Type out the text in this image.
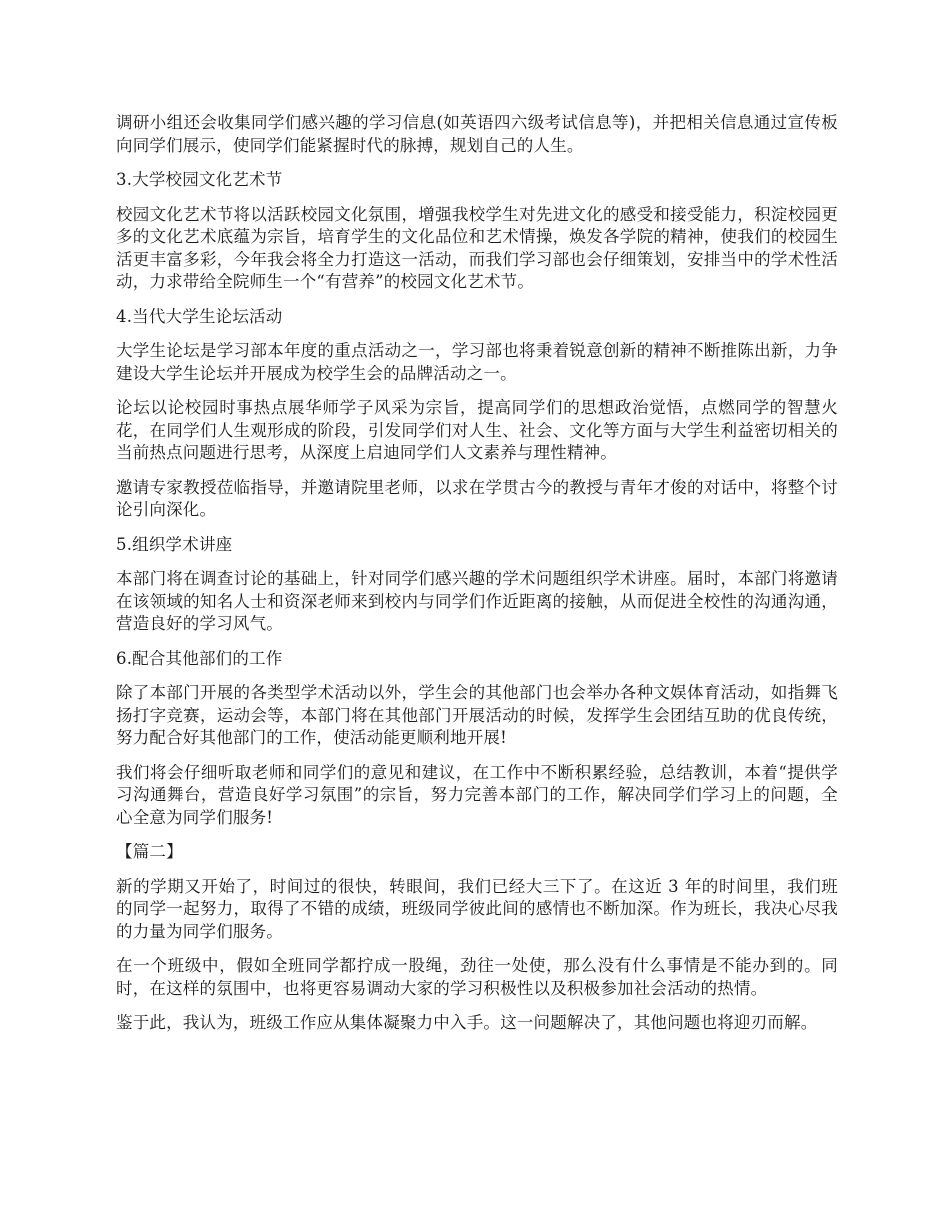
调研小组还会收集同学们感兴趣的学习信息(如英语四六级考试信息等)，并把相关信息通过宣传板向同学们展示，使同学们能紧握时代的脉搏，规划自己的人生。

3.大学校园文化艺术节

校园文化艺术节将以活跃校园文化氛围，增强我校学生对先进文化的感受和接受能力，积淀校园更多的文化艺术底蕴为宗旨，培育学生的文化品位和艺术情操，焕发各学院的精神，使我们的校园生活更丰富多彩，今年我会将全力打造这一活动，而我们学习部也会仔细策划，安排当中的学术性活动，力求带给全院师生一个“有营养”的校园文化艺术节。

4.当代大学生论坛活动

大学生论坛是学习部本年度的重点活动之一，学习部也将秉着锐意创新的精神不断推陈出新，力争建设大学生论坛并开展成为校学生会的品牌活动之一。

论坛以论校园时事热点展华师学子风采为宗旨，提高同学们的思想政治觉悟，点燃同学的智慧火花，在同学们人生观形成的阶段，引发同学们对人生、社会、文化等方面与大学生利益密切相关的当前热点问题进行思考，从深度上启迪同学们人文素养与理性精神。

邀请专家教授莅临指导，并邀请院里老师，以求在学贯古今的教授与青年才俊的对话中，将整个讨论引向深化。

5.组织学术讲座

本部门将在调查讨论的基础上，针对同学们感兴趣的学术问题组织学术讲座。届时，本部门将邀请在该领域的知名人士和资深老师来到校内与同学们作近距离的接触，从而促进全校性的沟通沟通，营造良好的学习风气。

6.配合其他部们的工作

除了本部门开展的各类型学术活动以外，学生会的其他部门也会举办各种文娱体育活动，如指舞飞扬打字竞赛，运动会等，本部门将在其他部门开展活动的时候，发挥学生会团结互助的优良传统，努力配合好其他部门的工作，使活动能更顺利地开展!

我们将会仔细听取老师和同学们的意见和建议，在工作中不断积累经验，总结教训，本着“提供学习沟通舞台，营造良好学习氛围”的宗旨，努力完善本部门的工作，解决同学们学习上的问题，全心全意为同学们服务!

【篇二】

新的学期又开始了，时间过的很快，转眼间，我们已经大三下了。在这近 3 年的时间里，我们班的同学一起努力，取得了不错的成绩，班级同学彼此间的感情也不断加深。作为班长，我决心尽我的力量为同学们服务。

在一个班级中，假如全班同学都拧成一股绳，劲往一处使，那么没有什么事情是不能办到的。同时，在这样的氛围中，也将更容易调动大家的学习积极性以及积极参加社会活动的热情。

鉴于此，我认为，班级工作应从集体凝聚力中入手。这一问题解决了，其他问题也将迎刃而解。
